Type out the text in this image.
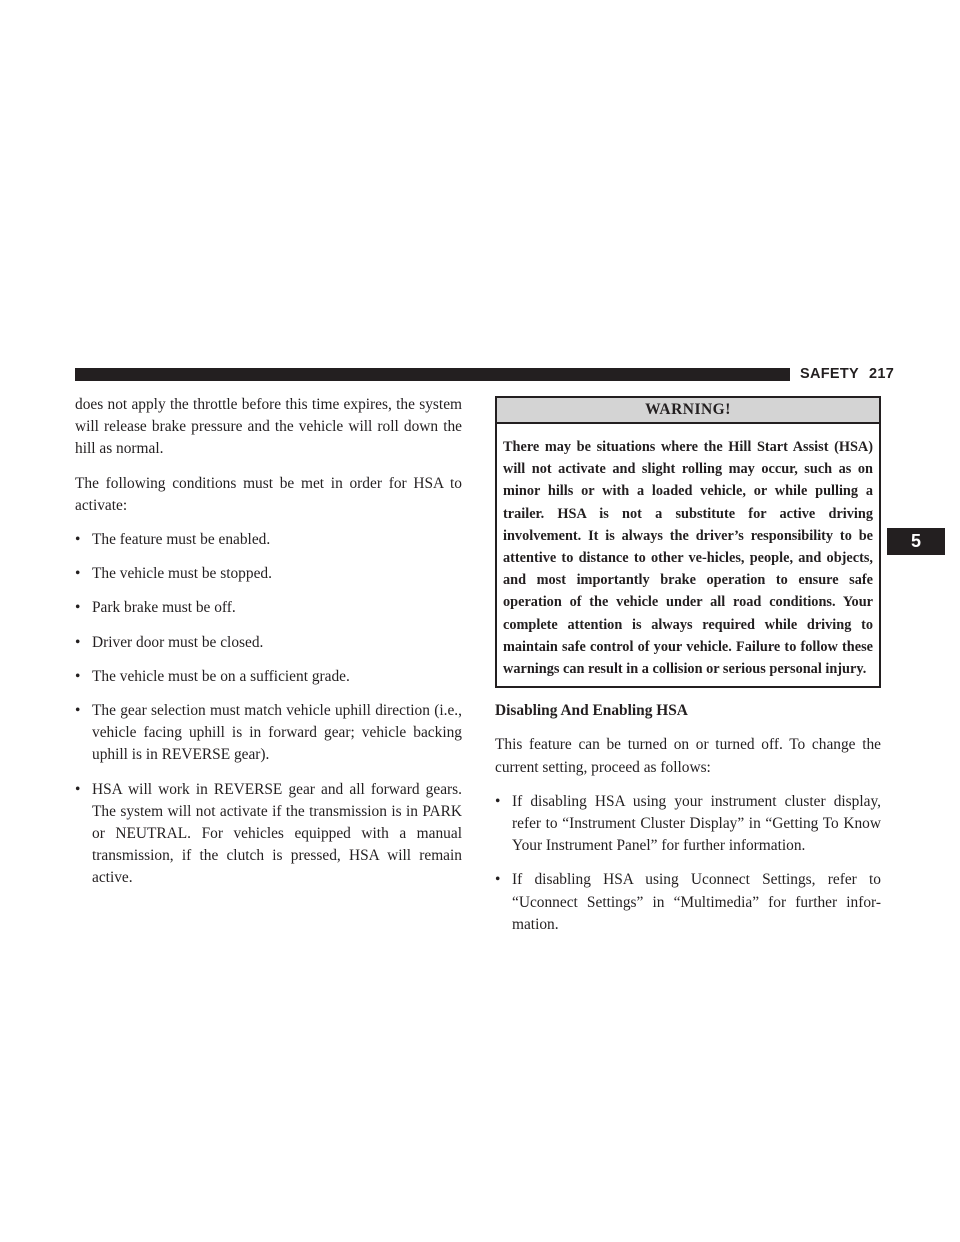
SAFETY 217
5

does not apply the throttle before this time expires, the system will release brake pressure and the vehicle will roll down the hill as normal.

The following conditions must be met in order for HSA to activate:

• The feature must be enabled.
• The vehicle must be stopped.
• Park brake must be off.
• Driver door must be closed.
• The vehicle must be on a sufficient grade.
• The gear selection must match vehicle uphill direction (i.e., vehicle facing uphill is in forward gear; vehicle backing uphill is in REVERSE gear).
• HSA will work in REVERSE gear and all forward gears. The system will not activate if the transmission is in PARK or NEUTRAL. For vehicles equipped with a manual transmission, if the clutch is pressed, HSA will remain active.
WARNING!
There may be situations where the Hill Start Assist (HSA) will not activate and slight rolling may occur, such as on minor hills or with a loaded vehicle, or while pulling a trailer. HSA is not a substitute for active driving involvement. It is always the driver’s responsibility to be attentive to distance to other ve-hicles, people, and objects, and most importantly brake operation to ensure safe operation of the vehicle under all road conditions. Your complete attention is always required while driving to maintain safe control of your vehicle. Failure to follow these warnings can result in a collision or serious personal injury.
Disabling And Enabling HSA

This feature can be turned on or turned off. To change the current setting, proceed as follows:

• If disabling HSA using your instrument cluster display, refer to “Instrument Cluster Display” in “Getting To Know Your Instrument Panel” for further information.
• If disabling HSA using Uconnect Settings, refer to “Uconnect Settings” in “Multimedia” for further infor-mation.
